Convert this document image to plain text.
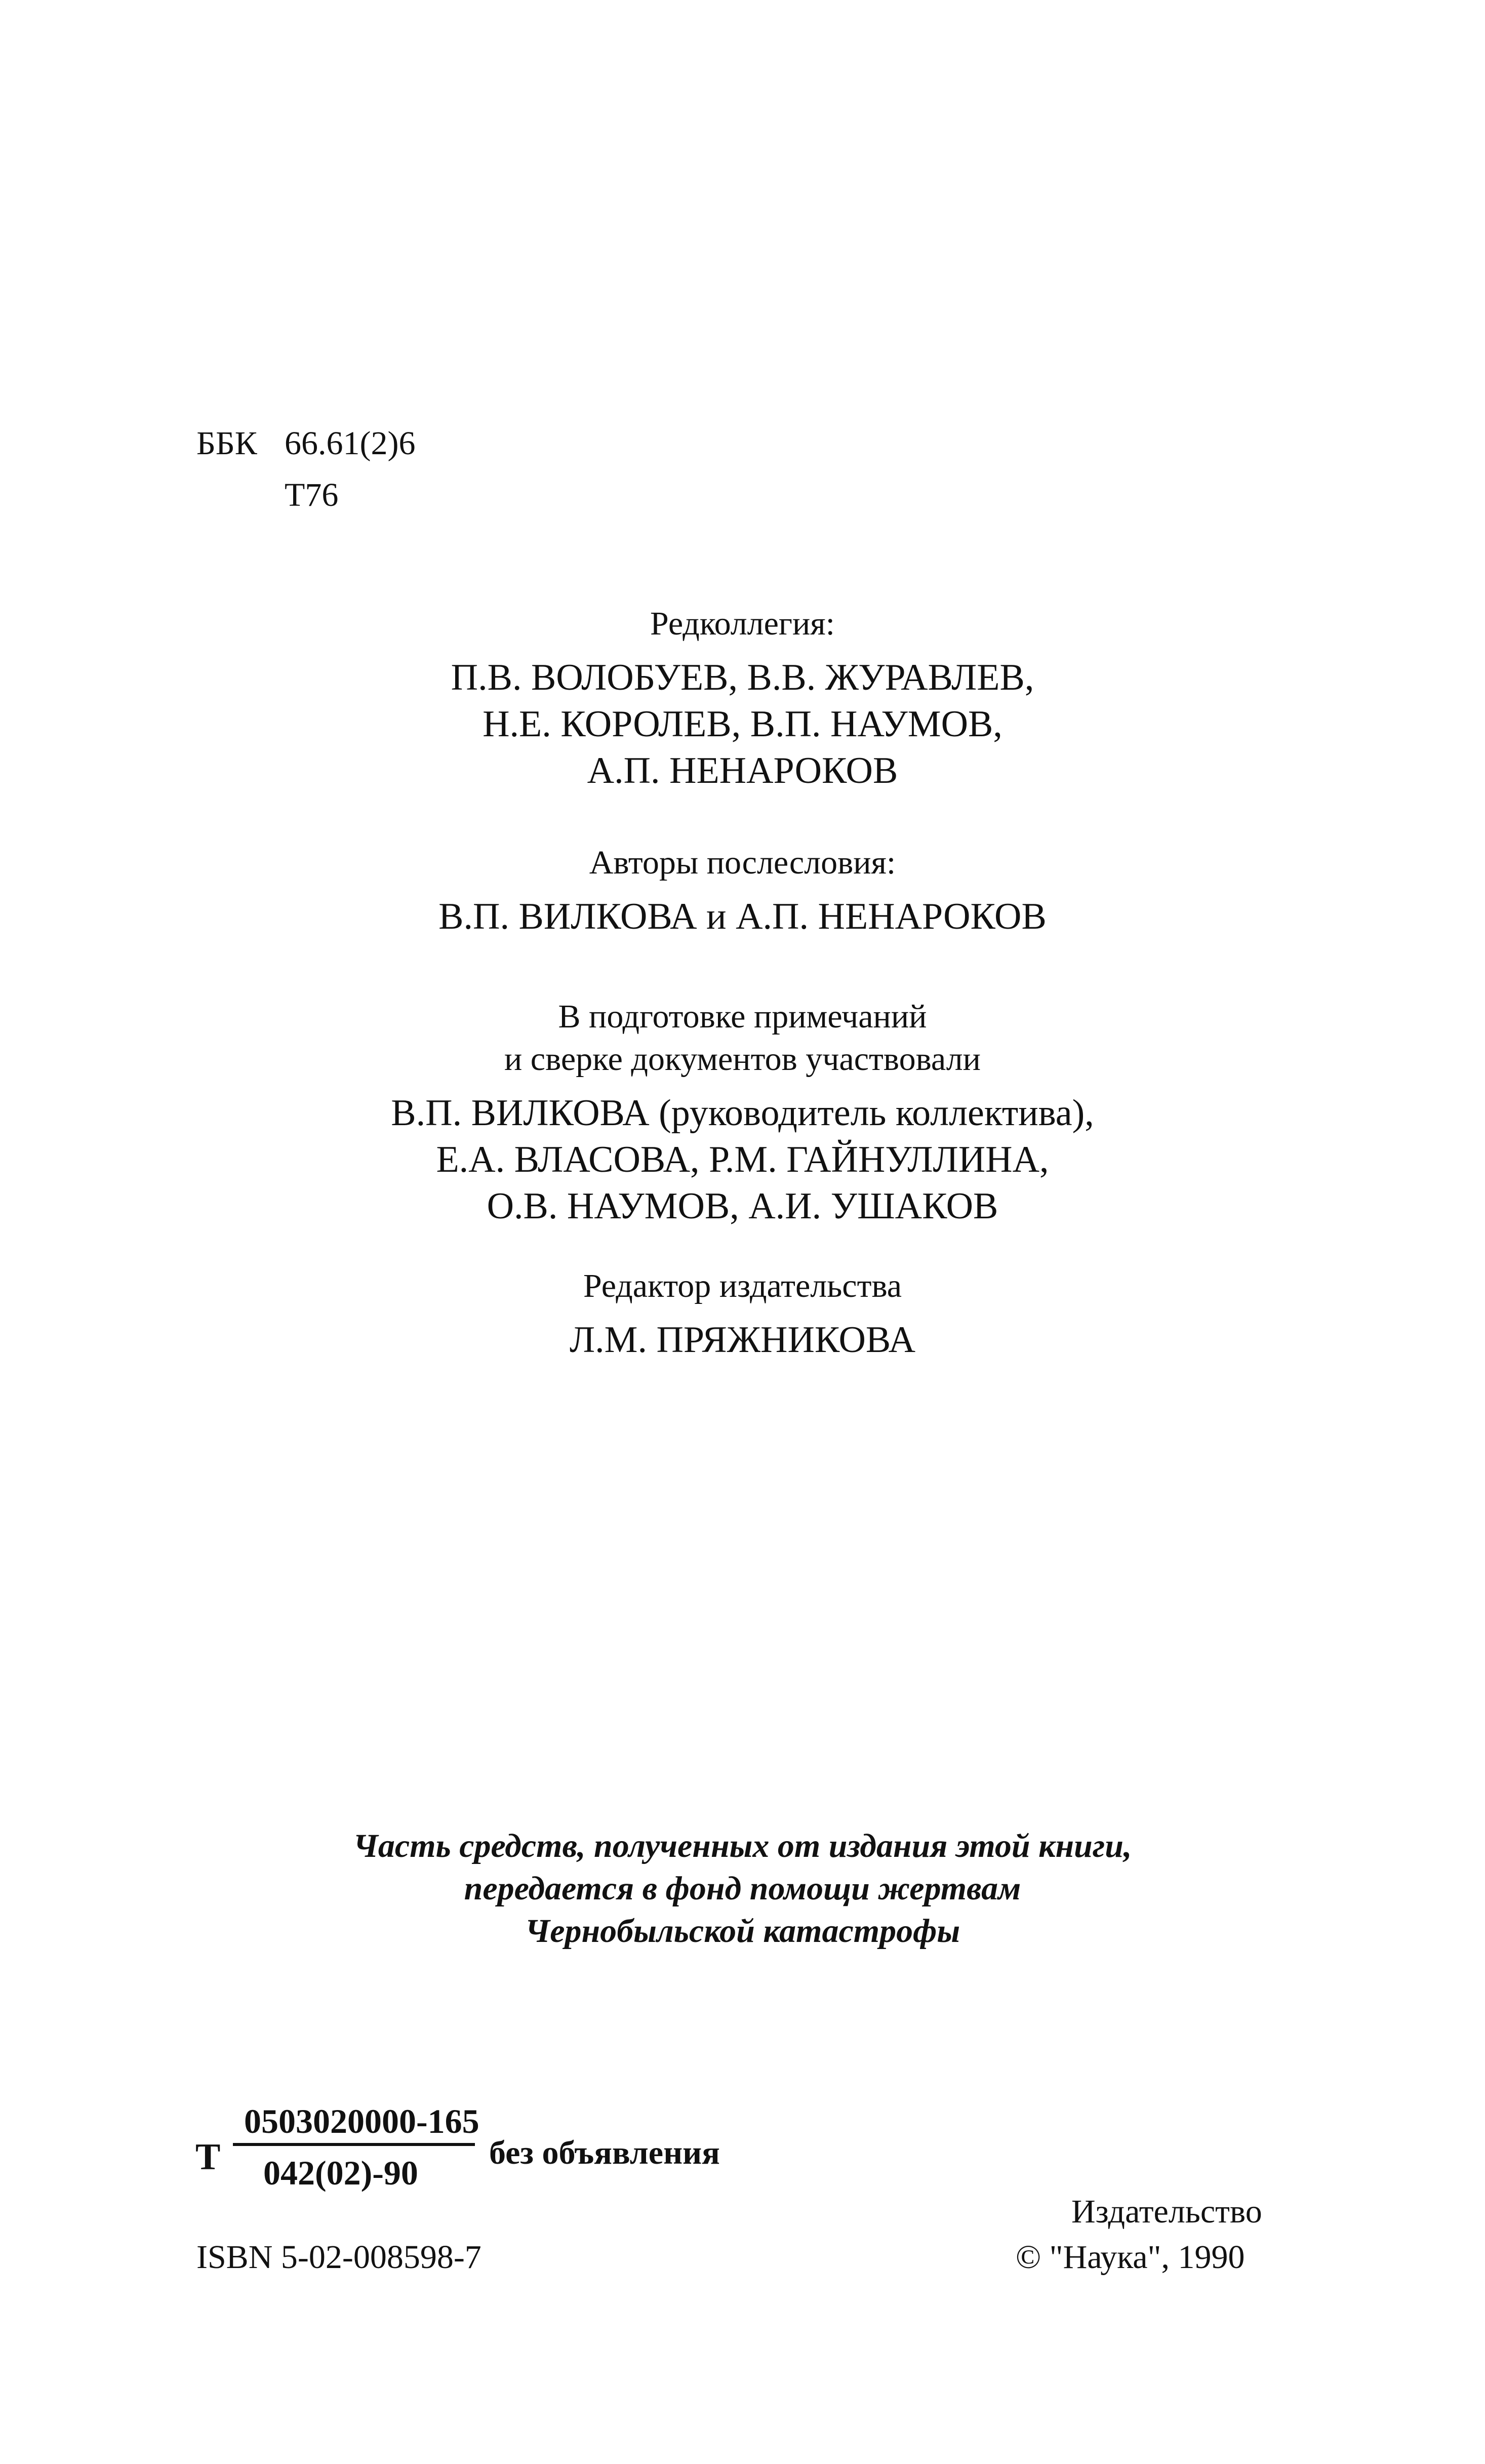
ББК 66.61(2)6
Т76
Редколлегия:
П.В. ВОЛОБУЕВ, В.В. ЖУРАВЛЕВ,
Н.Е. КОРОЛЕВ, В.П. НАУМОВ,
А.П. НЕНАРОКОВ
Авторы послесловия:
В.П. ВИЛКОВА и А.П. НЕНАРОКОВ
В подготовке примечаний
и сверке документов участвовали
В.П. ВИЛКОВА (руководитель коллектива),
Е.А. ВЛАСОВА, Р.М. ГАЙНУЛЛИНА,
О.В. НАУМОВ, А.И. УШАКОВ
Редактор издательства
Л.М. ПРЯЖНИКОВА
Часть средств, полученных от издания этой книги,
передается в фонд помощи жертвам
Чернобыльской катастрофы
Т
0503020000-165
042(02)-90
без объявления
ISBN 5-02-008598-7
Издательство
© "Наука", 1990
